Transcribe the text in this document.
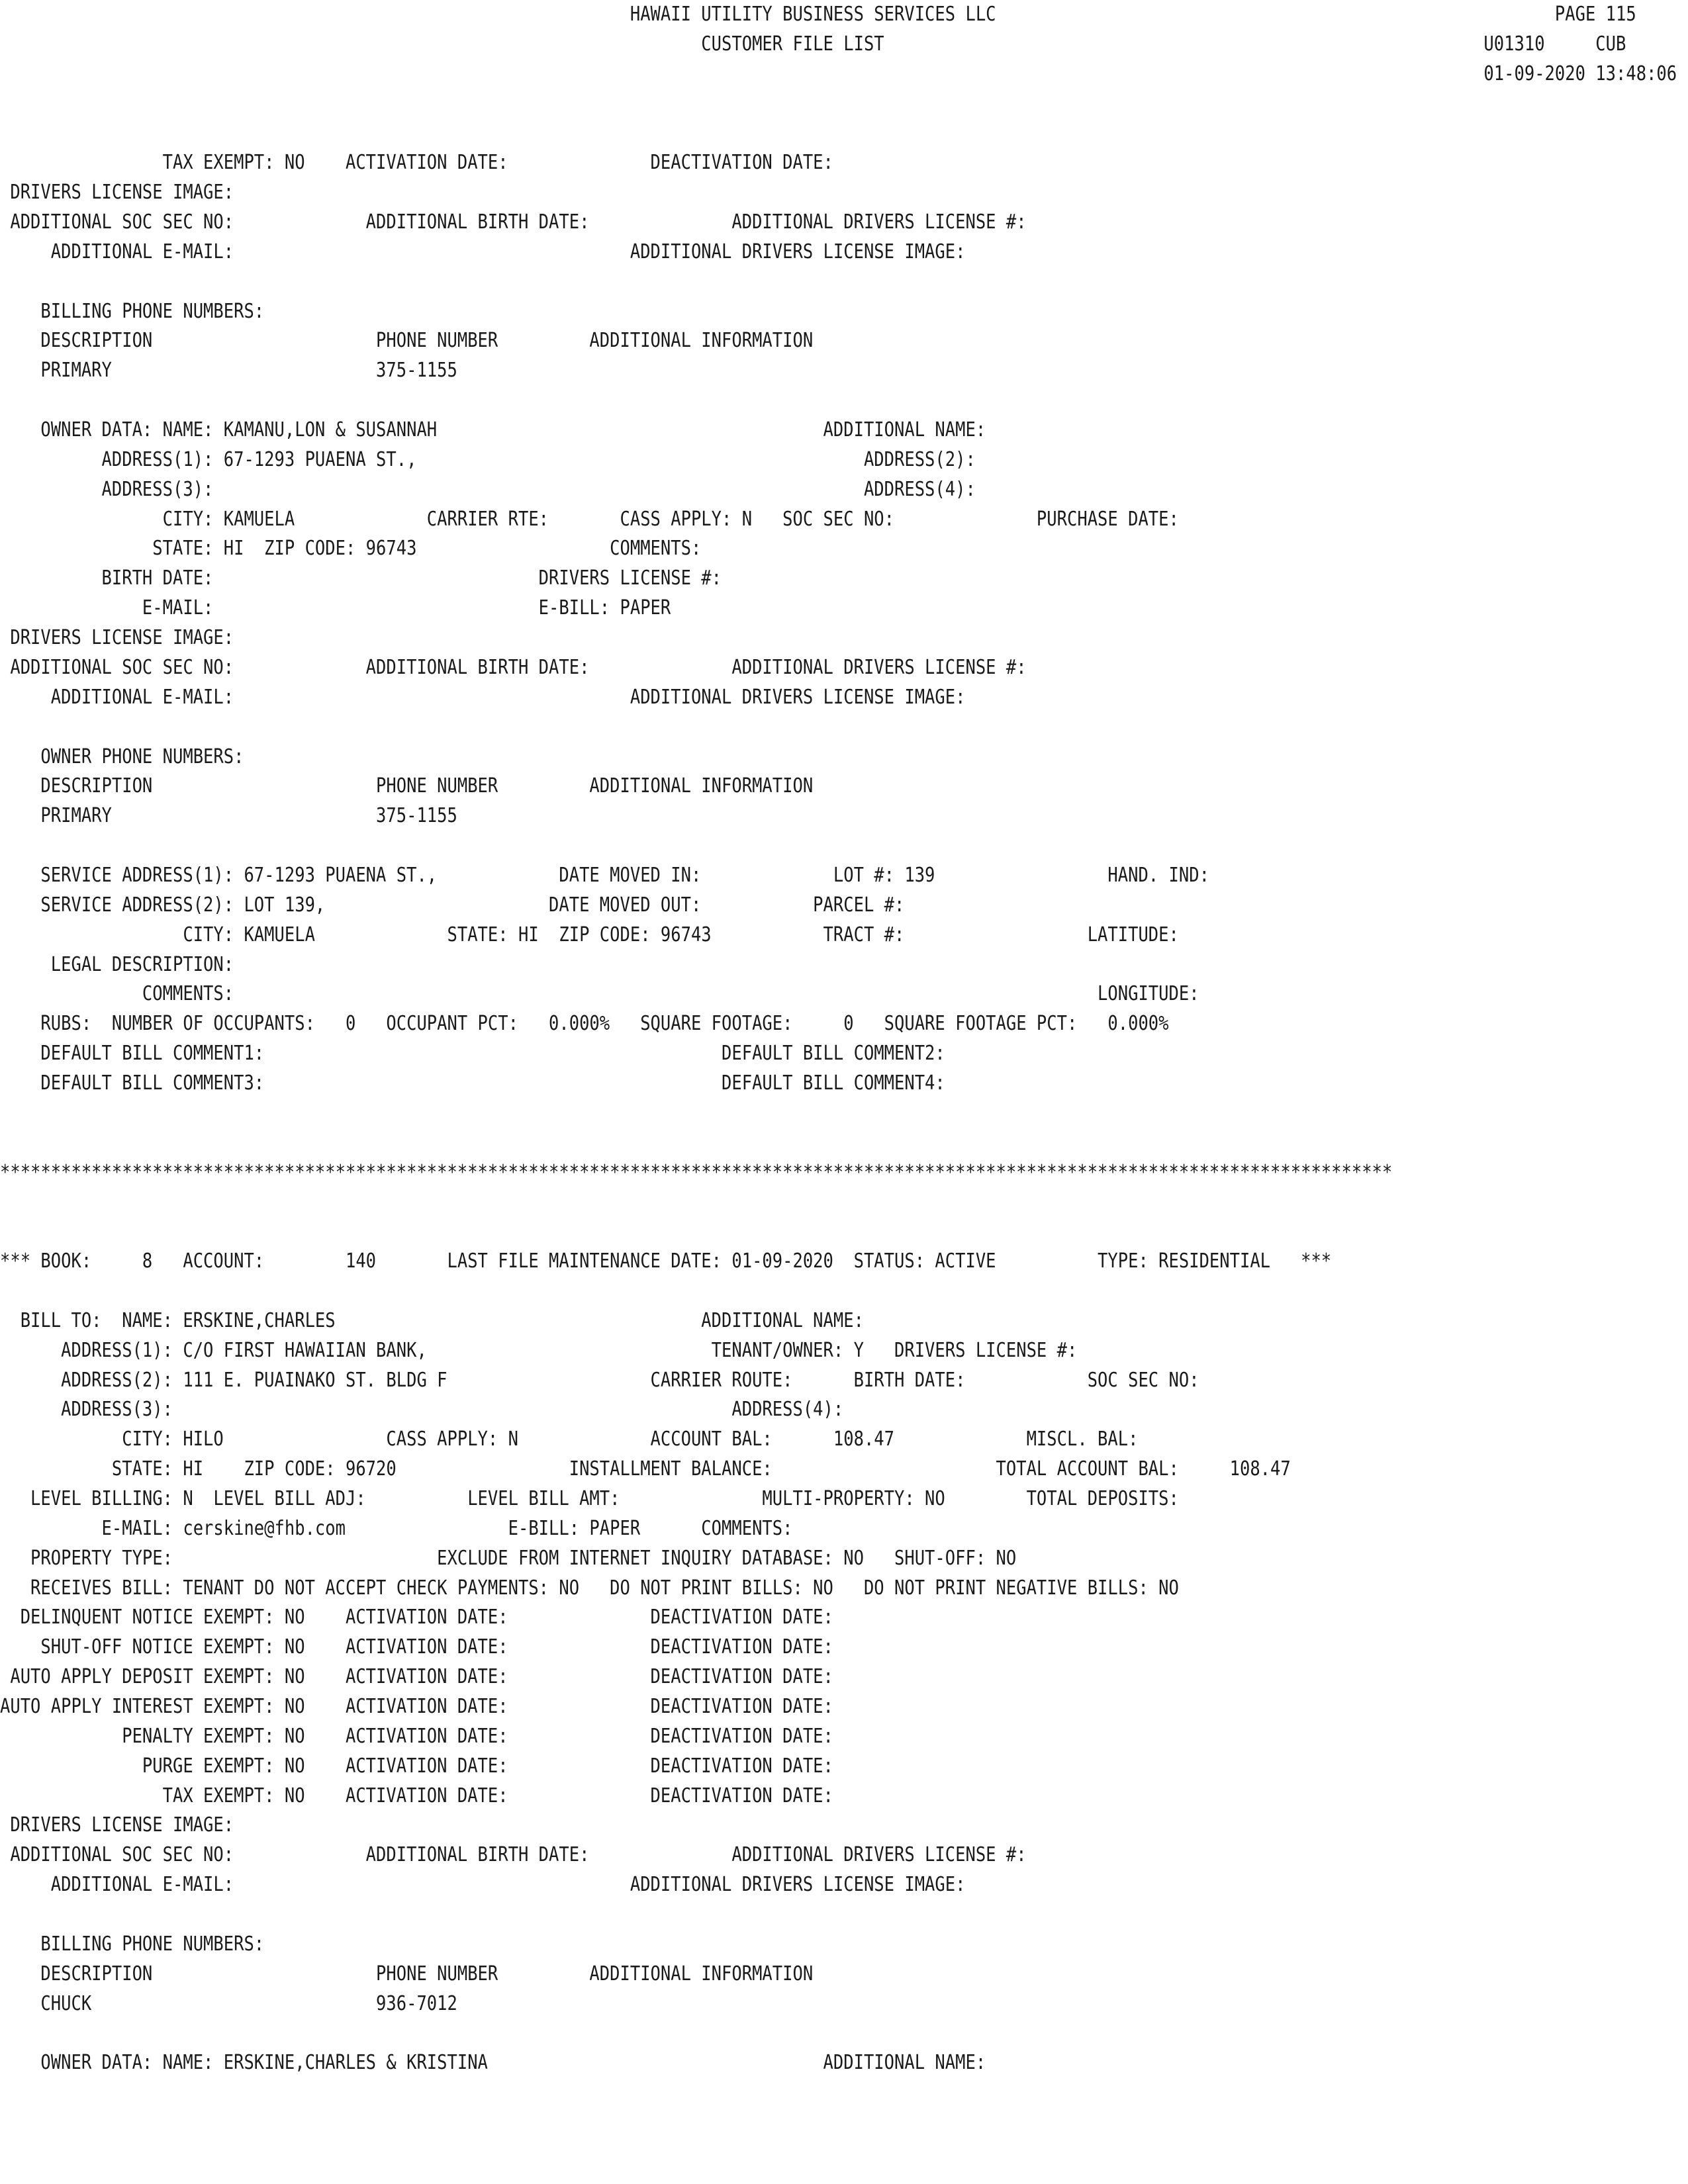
HAWAII UTILITY BUSINESS SERVICES LLC                                                       PAGE 115
CUSTOMER FILE LIST                                                           U01310     CUB
01-09-2020 13:48:06
TAX EXEMPT: NO    ACTIVATION DATE:              DEACTIVATION DATE:
DRIVERS LICENSE IMAGE:
ADDITIONAL SOC SEC NO:             ADDITIONAL BIRTH DATE:              ADDITIONAL DRIVERS LICENSE #:
ADDITIONAL E-MAIL:                                       ADDITIONAL DRIVERS LICENSE IMAGE:
BILLING PHONE NUMBERS:
DESCRIPTION                      PHONE NUMBER         ADDITIONAL INFORMATION
PRIMARY                          375-1155
OWNER DATA: NAME: KAMANU,LON & SUSANNAH                                      ADDITIONAL NAME:
ADDRESS(1): 67-1293 PUAENA ST.,                                            ADDRESS(2):
ADDRESS(3):                                                                ADDRESS(4):
CITY: KAMUELA             CARRIER RTE:       CASS APPLY: N   SOC SEC NO:              PURCHASE DATE:
STATE: HI  ZIP CODE: 96743                   COMMENTS:
BIRTH DATE:                                DRIVERS LICENSE #:
E-MAIL:                                E-BILL: PAPER
DRIVERS LICENSE IMAGE:
ADDITIONAL SOC SEC NO:             ADDITIONAL BIRTH DATE:              ADDITIONAL DRIVERS LICENSE #:
ADDITIONAL E-MAIL:                                       ADDITIONAL DRIVERS LICENSE IMAGE:
OWNER PHONE NUMBERS:
DESCRIPTION                      PHONE NUMBER         ADDITIONAL INFORMATION
PRIMARY                          375-1155
SERVICE ADDRESS(1): 67-1293 PUAENA ST.,            DATE MOVED IN:             LOT #: 139                 HAND. IND:
SERVICE ADDRESS(2): LOT 139,                      DATE MOVED OUT:           PARCEL #:
CITY: KAMUELA             STATE: HI  ZIP CODE: 96743           TRACT #:                  LATITUDE:
LEGAL DESCRIPTION:
COMMENTS:                                                                                     LONGITUDE:
RUBS:  NUMBER OF OCCUPANTS:   0   OCCUPANT PCT:   0.000%   SQUARE FOOTAGE:     0   SQUARE FOOTAGE PCT:   0.000%
DEFAULT BILL COMMENT1:                                             DEFAULT BILL COMMENT2:
DEFAULT BILL COMMENT3:                                             DEFAULT BILL COMMENT4:
*****************************************************************************************************************************************
*** BOOK:     8   ACCOUNT:        140       LAST FILE MAINTENANCE DATE: 01-09-2020  STATUS: ACTIVE          TYPE: RESIDENTIAL   ***
BILL TO:  NAME: ERSKINE,CHARLES                                    ADDITIONAL NAME:
ADDRESS(1): C/O FIRST HAWAIIAN BANK,                            TENANT/OWNER: Y   DRIVERS LICENSE #:
ADDRESS(2): 111 E. PUAINAKO ST. BLDG F                    CARRIER ROUTE:      BIRTH DATE:            SOC SEC NO:
ADDRESS(3):                                                       ADDRESS(4):
CITY: HILO                CASS APPLY: N             ACCOUNT BAL:      108.47             MISCL. BAL:
STATE: HI    ZIP CODE: 96720                 INSTALLMENT BALANCE:                      TOTAL ACCOUNT BAL:     108.47
LEVEL BILLING: N  LEVEL BILL ADJ:          LEVEL BILL AMT:              MULTI-PROPERTY: NO        TOTAL DEPOSITS:
E-MAIL: cerskine@fhb.com                E-BILL: PAPER      COMMENTS:
PROPERTY TYPE:                          EXCLUDE FROM INTERNET INQUIRY DATABASE: NO   SHUT-OFF: NO
RECEIVES BILL: TENANT DO NOT ACCEPT CHECK PAYMENTS: NO   DO NOT PRINT BILLS: NO   DO NOT PRINT NEGATIVE BILLS: NO
DELINQUENT NOTICE EXEMPT: NO    ACTIVATION DATE:              DEACTIVATION DATE:
SHUT-OFF NOTICE EXEMPT: NO    ACTIVATION DATE:              DEACTIVATION DATE:
AUTO APPLY DEPOSIT EXEMPT: NO    ACTIVATION DATE:              DEACTIVATION DATE:
AUTO APPLY INTEREST EXEMPT: NO    ACTIVATION DATE:              DEACTIVATION DATE:
PENALTY EXEMPT: NO    ACTIVATION DATE:              DEACTIVATION DATE:
PURGE EXEMPT: NO    ACTIVATION DATE:              DEACTIVATION DATE:
TAX EXEMPT: NO    ACTIVATION DATE:              DEACTIVATION DATE:
DRIVERS LICENSE IMAGE:
ADDITIONAL SOC SEC NO:             ADDITIONAL BIRTH DATE:              ADDITIONAL DRIVERS LICENSE #:
ADDITIONAL E-MAIL:                                       ADDITIONAL DRIVERS LICENSE IMAGE:
BILLING PHONE NUMBERS:
DESCRIPTION                      PHONE NUMBER         ADDITIONAL INFORMATION
CHUCK                            936-7012
OWNER DATA: NAME: ERSKINE,CHARLES & KRISTINA                                 ADDITIONAL NAME:
